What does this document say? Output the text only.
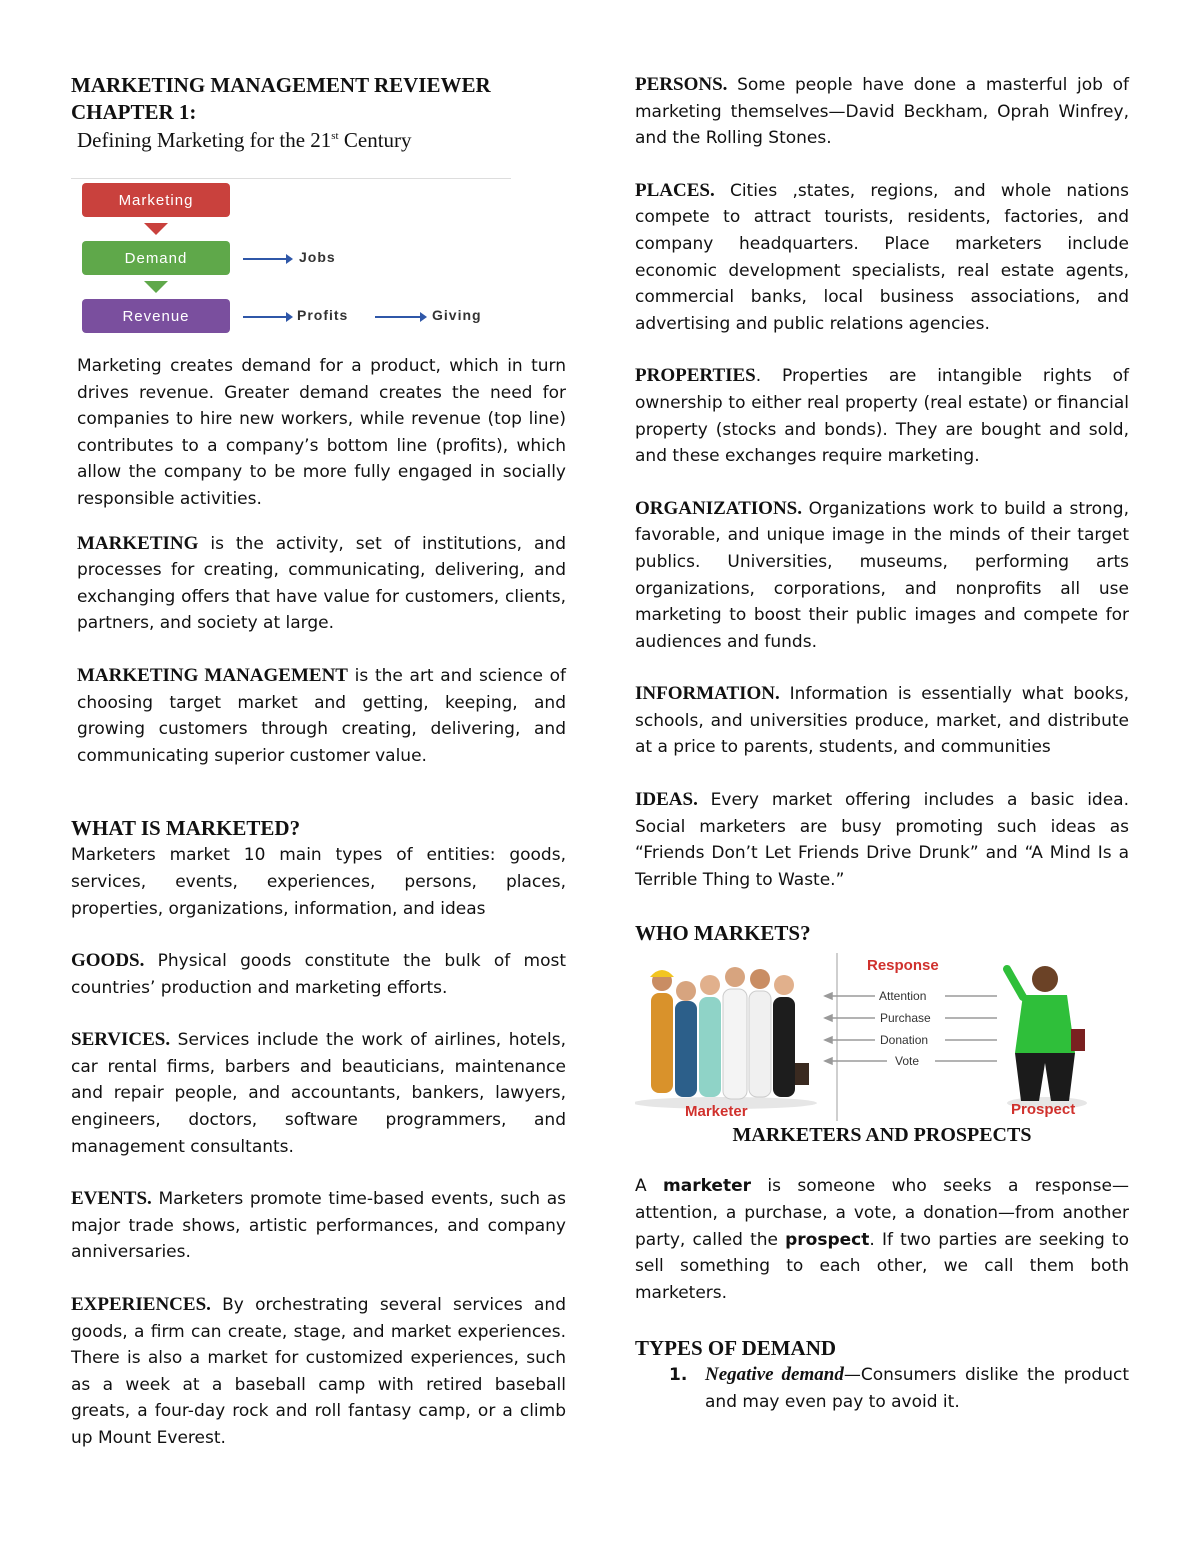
MARKETING MANAGEMENT REVIEWER
CHAPTER 1:
Defining Marketing for the 21st Century
Marketing
Demand
Revenue
Jobs
Profits	Giving

Marketing creates demand for a product, which in turn drives revenue. Greater demand creates the need for companies to hire new workers, while revenue (top line) contributes to a company’s bottom line (profits), which allow the company to be more fully engaged in socially responsible activities.

MARKETING is the activity, set of institutions, and processes for creating, communicating, delivering, and exchanging offers that have value for customers, clients, partners, and society at large.

MARKETING MANAGEMENT is the art and science of choosing target market and getting, keeping, and growing customers through creating, delivering, and communicating superior customer value.

WHAT IS MARKETED?

Marketers market 10 main types of entities: goods, services, events, experiences, persons, places, properties, organizations, information, and ideas

GOODS. Physical goods constitute the bulk of most countries’ production and marketing efforts.

SERVICES. Services include the work of airlines, hotels, car rental firms, barbers and beauticians, maintenance and repair people, and accountants, bankers, lawyers, engineers, doctors, software programmers, and management consultants.

EVENTS. Marketers promote time-based events, such as major trade shows, artistic performances, and company anniversaries.

EXPERIENCES. By orchestrating several services and goods, a firm can create, stage, and market experiences. There is also a market for customized experiences, such as a week at a baseball camp with retired baseball greats, a four-day rock and roll fantasy camp, or a climb up Mount Everest.

PERSONS. Some people have done a masterful job of marketing themselves—David Beckham, Oprah Winfrey, and the Rolling Stones.

PLACES. Cities ,states, regions, and whole nations compete to attract tourists, residents, factories, and company headquarters. Place marketers include economic development specialists, real estate agents, commercial banks, local business associations, and advertising and public relations agencies.

PROPERTIES. Properties are intangible rights of ownership to either real property (real estate) or financial property (stocks and bonds). They are bought and sold, and these exchanges require marketing.

ORGANIZATIONS. Organizations work to build a strong, favorable, and unique image in the minds of their target publics. Universities, museums, performing arts organizations, corporations, and nonprofits all use marketing to boost their public images and compete for audiences and funds.

INFORMATION. Information is essentially what books, schools, and universities produce, market, and distribute at a price to parents, students, and communities

IDEAS. Every market offering includes a basic idea. Social marketers are busy promoting such ideas as “Friends Don’t Let Friends Drive Drunk” and “A Mind Is a Terrible Thing to Waste.”

WHO MARKETS?
Response
Attention
Purchase
Donation
Vote
Marketer	Prospect
MARKETERS AND PROSPECTS

A marketer is someone who seeks a response—attention, a purchase, a vote, a donation—from another party, called the prospect. If two parties are seeking to sell something to each other, we call them both marketers.

TYPES OF DEMAND
1. Negative demand—Consumers dislike the product and may even pay to avoid it.
